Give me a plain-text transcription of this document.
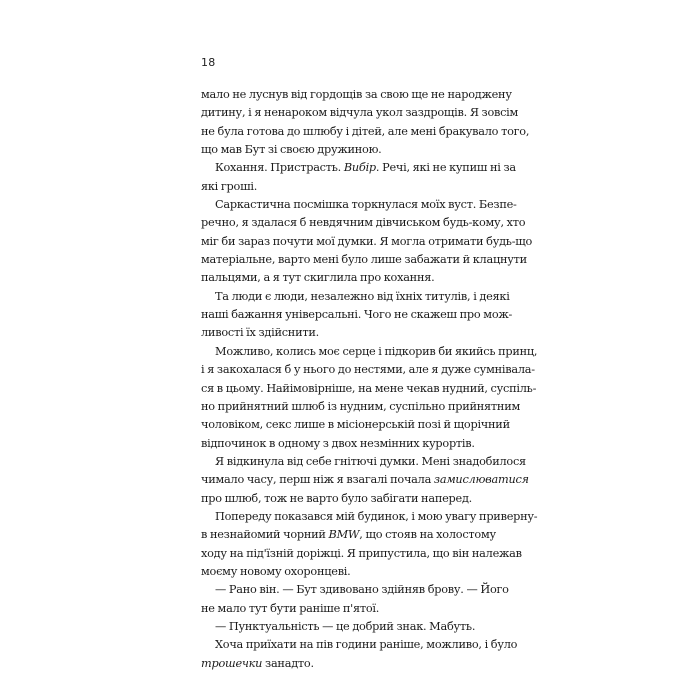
18
мало не луснув від гордощів за свою ще не народжену
дитину, і я ненароком відчула укол заздрощів. Я зовсім
не була готова до шлюбу і дітей, але мені бракувало того,
що мав Бут зі своєю дружиною.
Кохання. Пристрасть. Вибір. Речі, які не купиш ні за
які гроші.
Саркастична посмішка торкнулася моїх вуст. Безпе-
речно, я здалася б невдячним дівчиськом будь-кому, хто
міг би зараз почути мої думки. Я могла отримати будь-що
матеріальне, варто мені було лише забажати й клацнути
пальцями, а я тут скиглила про кохання.
Та люди є люди, незалежно від їхніх титулів, і деякі
наші бажання універсальні. Чого не скажеш про мож-
ливості їх здійснити.
Можливо, колись моє серце і підкорив би якийсь принц,
і я закохалася б у нього до нестями, але я дуже сумнівала-
ся в цьому. Найімовірніше, на мене чекав нудний, суспіль-
но прийнятний шлюб із нудним, суспільно прийнятним
чоловіком, секс лише в місіонерській позі й щорічний
відпочинок в одному з двох незмінних курортів.
Я відкинула від себе гнітючі думки. Мені знадобилося
чимало часу, перш ніж я взагалі почала замислюватися
про шлюб, тож не варто було забігати наперед.
Попереду показався мій будинок, і мою увагу приверну-
в незнайомий чорний BMW, що стояв на холостому
ходу на під'їзній доріжці. Я припустила, що він належав
моєму новому охоронцеві.
— Рано він. — Бут здивовано здійняв брову. — Його
не мало тут бути раніше п'ятої.
— Пунктуальність — це добрий знак. Мабуть.
Хоча приїхати на пів години раніше, можливо, і було
трошечки занадто.
